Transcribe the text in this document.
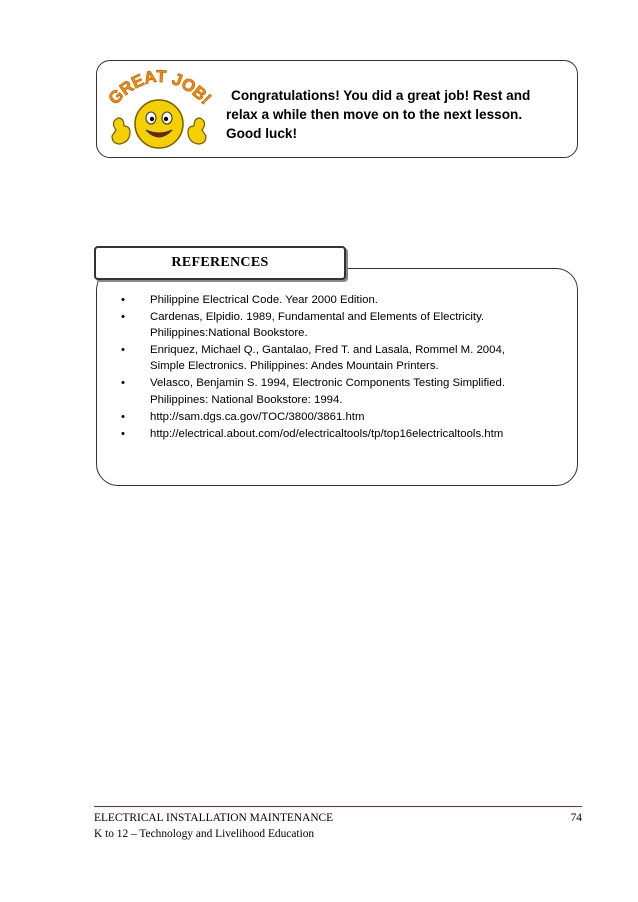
GREAT JOB!	Congratulations! You did a great job! Rest and
relax a while then move on to the next lesson.
Good luck!
REFERENCES
• Philippine Electrical Code. Year 2000 Edition.
• Cardenas, Elpidio. 1989, Fundamental and Elements of Electricity.
Philippines:National Bookstore.
• Enriquez, Michael Q., Gantalao, Fred T. and Lasala, Rommel M. 2004,
Simple Electronics. Philippines: Andes Mountain Printers.
• Velasco, Benjamin S. 1994, Electronic Components Testing Simplified.
Philippines: National Bookstore: 1994.
• http://sam.dgs.ca.gov/TOC/3800/3861.htm
• http://electrical.about.com/od/electricaltools/tp/top16electricaltools.htm
ELECTRICAL INSTALLATION MAINTENANCE	74
K to 12 – Technology and Livelihood Education
